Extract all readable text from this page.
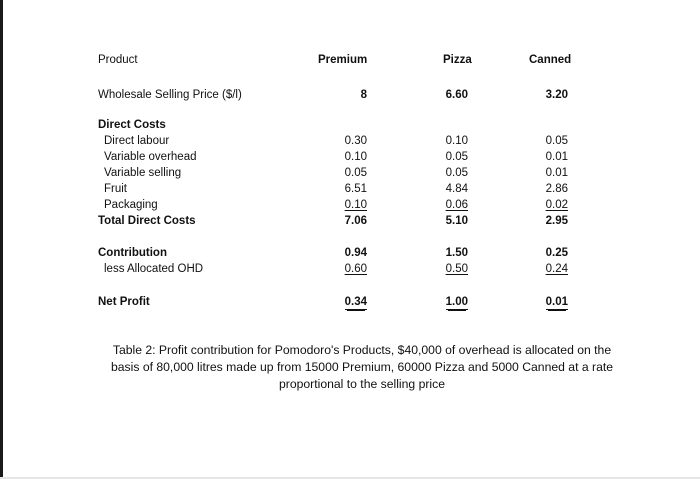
Product	Premium	Pizza	Canned
Wholesale Selling Price ($/l)	8	6.60	3.20
Direct Costs
Direct labour	0.30	0.10	0.05
Variable overhead	0.10	0.05	0.01
Variable selling	0.05	0.05	0.01
Fruit	6.51	4.84	2.86
Packaging	0.10	0.06	0.02
Total Direct Costs	7.06	5.10	2.95
Contribution	0.94	1.50	0.25
less Allocated OHD	0.60	0.50	0.24
Net Profit	0.34	1.00	0.01
Table 2: Profit contribution for Pomodoro's Products, $40,000 of overhead is allocated on the
basis of 80,000 litres made up from 15000 Premium, 60000 Pizza and 5000 Canned at a rate
proportional to the selling price
